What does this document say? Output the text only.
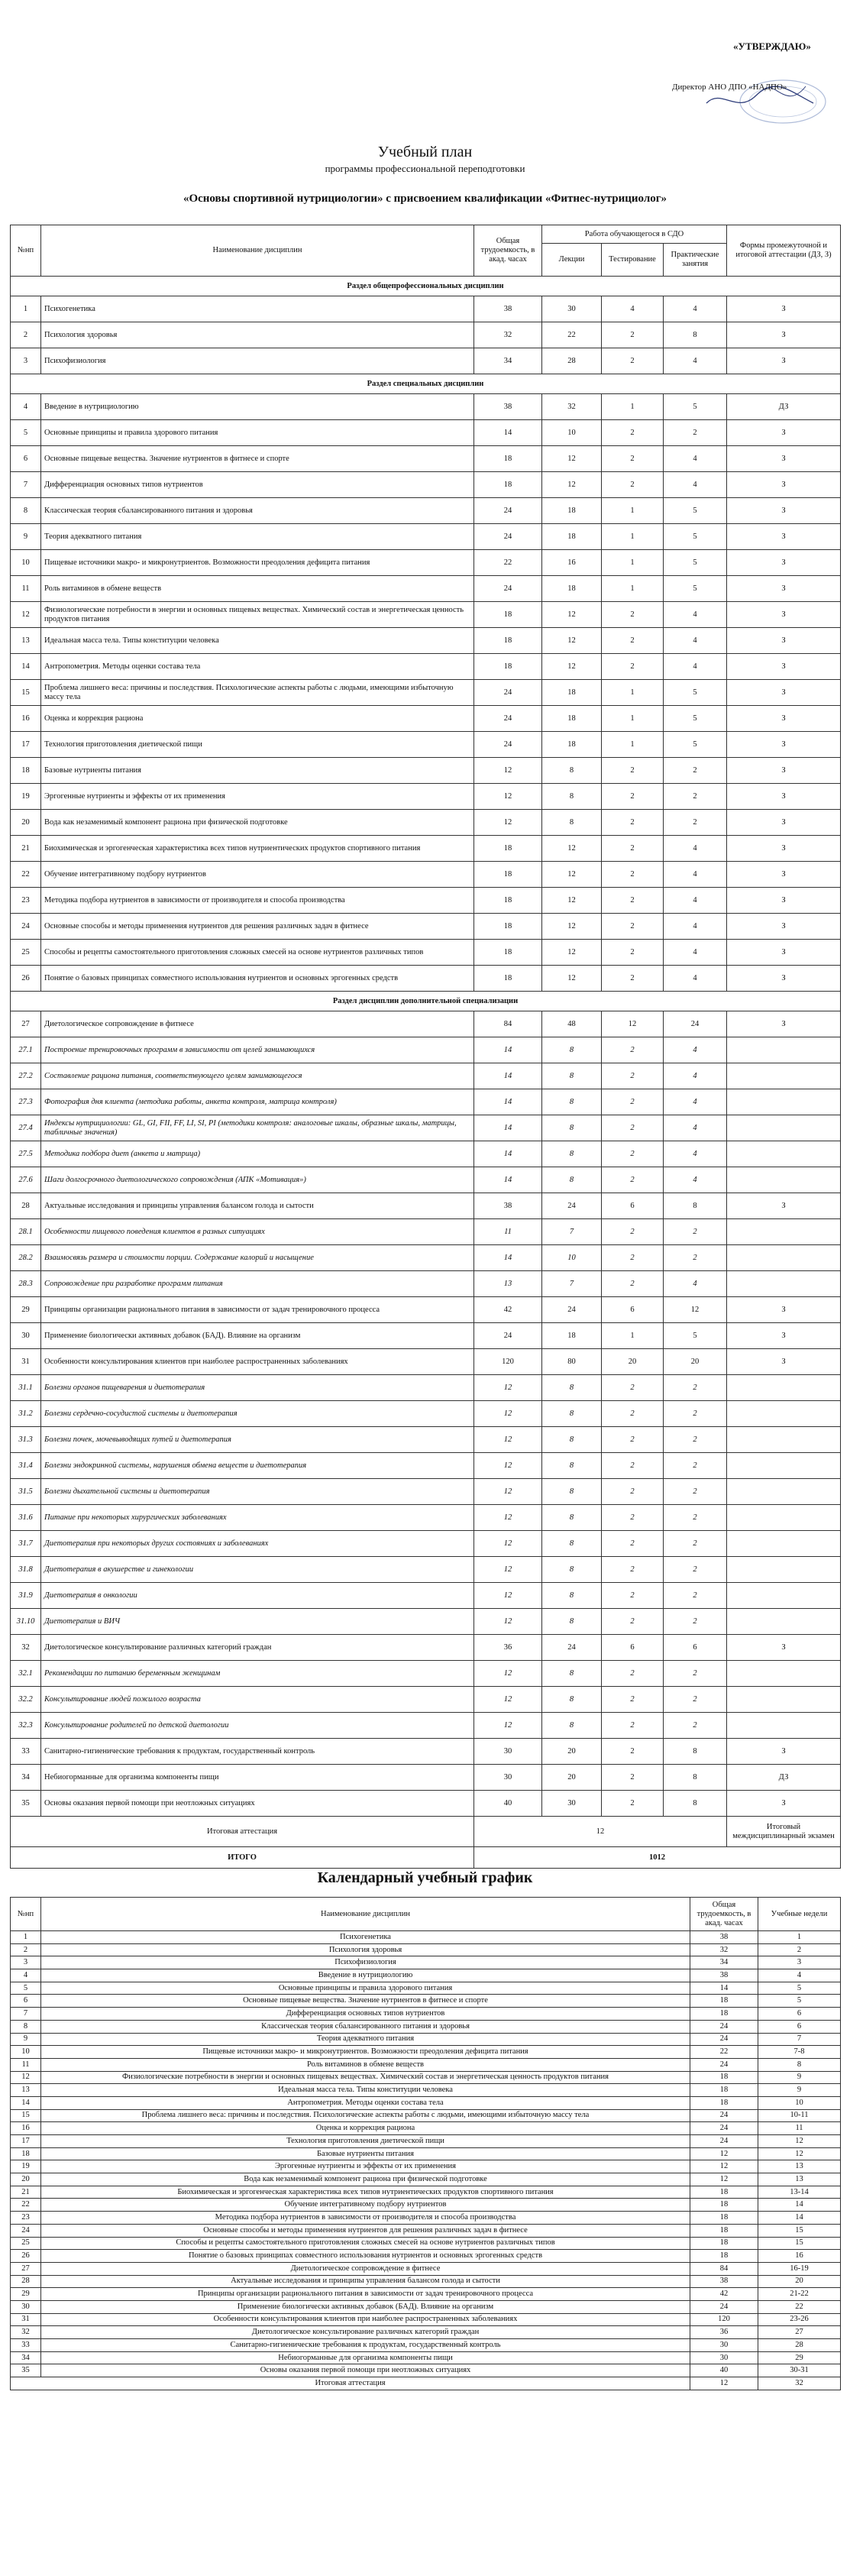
«УТВЕРЖДАЮ»
Директор АНО ДПО «НАДПО»
Учебный план
программы профессиональной переподготовки
«Основы спортивной нутрициологии» с присвоением квалификации «Фитнес-нутрициолог»
№нп	Наименование дисциплин	Общая трудоемкость, в акад. часах	Работа обучающегося в СДО			Формы промежуточной и итоговой аттестации (ДЗ, З)
			Лекции	Тестирование	Практические занятия	
Раздел общепрофессиональных дисциплин						
1	Психогенетика	38	30	4	4	З
2	Психология здоровья	32	22	2	8	З
3	Психофизиология	34	28	2	4	З
Раздел специальных дисциплин						
4	Введение в нутрициологию	38	32	1	5	ДЗ
5	Основные принципы и правила здорового питания	14	10	2	2	З
6	Основные пищевые вещества. Значение нутриентов в фитнесе и спорте	18	12	2	4	З
7	Дифференциация основных типов нутриентов	18	12	2	4	З
8	Классическая теория сбалансированного питания и здоровья	24	18	1	5	З
9	Теория адекватного питания	24	18	1	5	З
10	Пищевые источники макро- и микронутриентов. Возможности преодоления дефицита питания	22	16	1	5	З
11	Роль витаминов в обмене веществ	24	18	1	5	З
12	Физиологические потребности в энергии и основных пищевых веществах. Химический состав и энергетическая ценность продуктов питания	18	12	2	4	З
13	Идеальная масса тела. Типы конституции человека	18	12	2	4	З
14	Антропометрия. Методы оценки состава тела	18	12	2	4	З
15	Проблема лишнего веса: причины и последствия. Психологические аспекты работы с людьми, имеющими избыточную массу тела	24	18	1	5	З
16	Оценка и коррекция рациона	24	18	1	5	З
17	Технология приготовления диетической пищи	24	18	1	5	З
18	Базовые нутриенты питания	12	8	2	2	З
19	Эргогенные нутриенты и эффекты от их применения	12	8	2	2	З
20	Вода как незаменимый компонент рациона при физической подготовке	12	8	2	2	З
21	Биохимическая и эргогенческая характеристика всех типов нутриентических продуктов спортивного питания	18	12	2	4	З
22	Обучение интегративному подбору нутриентов	18	12	2	4	З
23	Методика подбора нутриентов в зависимости от производителя и способа производства	18	12	2	4	З
24	Основные способы и методы применения нутриентов для решения различных задач в фитнесе	18	12	2	4	З
25	Способы и рецепты самостоятельного приготовления сложных смесей на основе нутриентов различных типов	18	12	2	4	З
26	Понятие о базовых принципах совместного использования нутриентов и основных эргогенных средств	18	12	2	4	З
Раздел дисциплин дополнительной специализации						
27	Диетологическое сопровождение в фитнесе	84	48	12	24	З
27.1	Построение тренировочных программ в зависимости от целей занимающихся	14	8	2	4	
27.2	Составление рациона питания, соответствующего целям занимающегося	14	8	2	4	
27.3	Фотография дня клиента (методика работы, анкета контроля, матрица контроля)	14	8	2	4	
27.4	Индексы нутрициологии: GL, GI, FII, FF, LI, SI, PI (методики контроля: аналоговые шкалы, образные шкалы, матрицы, табличные значения)	14	8	2	4	
27.5	Методика подбора диет (анкета и матрица)	14	8	2	4	
27.6	Шаги долгосрочного диетологического сопровождения (АПК «Мотивация»)	14	8	2	4	
28	Актуальные исследования и принципы управления балансом голода и сытости	38	24	6	8	З
28.1	Особенности пищевого поведения клиентов в разных ситуациях	11	7	2	2	
28.2	Взаимосвязь размера и стоимости порции. Содержание калорий и насыщение	14	10	2	2	
28.3	Сопровождение при разработке программ питания	13	7	2	4	
29	Принципы организации рационального питания в зависимости от задач тренировочного процесса	42	24	6	12	З
30	Применение биологически активных добавок (БАД). Влияние на организм	24	18	1	5	З
31	Особенности консультирования клиентов при наиболее распространенных заболеваниях	120	80	20	20	З
31.1	Болезни органов пищеварения и диетотерапия	12	8	2	2	
31.2	Болезни сердечно-сосудистой системы и диетотерапия	12	8	2	2	
31.3	Болезни почек, мочевыводящих путей и диетотерапия	12	8	2	2	
31.4	Болезни эндокринной системы, нарушения обмена веществ и диетотерапия	12	8	2	2	
31.5	Болезни дыхательной системы и диетотерапия	12	8	2	2	
31.6	Питание при некоторых хирургических заболеваниях	12	8	2	2	
31.7	Диетотерапия при некоторых других состояниях и заболеваниях	12	8	2	2	
31.8	Диетотерапия в акушерстве и гинекологии	12	8	2	2	
31.9	Диетотерапия в онкологии	12	8	2	2	
31.10	Диетотерапия и ВИЧ	12	8	2	2	
32	Диетологическое консультирование различных категорий граждан	36	24	6	6	З
32.1	Рекомендации по питанию беременным женщинам	12	8	2	2	
32.2	Консультирование людей пожилого возраста	12	8	2	2	
32.3	Консультирование родителей по детской диетологии	12	8	2	2	
33	Санитарно-гигиенические требования к продуктам, государственный контроль	30	20	2	8	З
34	Небиогорманные для организма компоненты пищи	30	20	2	8	ДЗ
35	Основы оказания первой помощи при неотложных ситуациях	40	30	2	8	З
Итоговая аттестация		12				Итоговый междисциплинарный экзамен
ИТОГО		1012				
Календарный учебный график
№нп	Наименование дисциплин	Общая трудоемкость, в акад. часах	Учебные недели
1	Психогенетика	38	1
2	Психология здоровья	32	2
3	Психофизиология	34	3
4	Введение в нутрициологию	38	4
5	Основные принципы и правила здорового питания	14	5
6	Основные пищевые вещества. Значение нутриентов в фитнесе и спорте	18	5
7	Дифференциация основных типов нутриентов	18	6
8	Классическая теория сбалансированного питания и здоровья	24	6
9	Теория адекватного питания	24	7
10	Пищевые источники макро- и микронутриентов. Возможности преодоления дефицита питания	22	7-8
11	Роль витаминов в обмене веществ	24	8
12	Физиологические потребности в энергии и основных пищевых веществах. Химический состав и энергетическая ценность продуктов питания	18	9
13	Идеальная масса тела. Типы конституции человека	18	9
14	Антропометрия. Методы оценки состава тела	18	10
15	Проблема лишнего веса: причины и последствия. Психологические аспекты работы с людьми, имеющими избыточную массу тела	24	10-11
16	Оценка и коррекция рациона	24	11
17	Технология приготовления диетической пищи	24	12
18	Базовые нутриенты питания	12	12
19	Эргогенные нутриенты и эффекты от их применения	12	13
20	Вода как незаменимый компонент рациона при физической подготовке	12	13
21	Биохимическая и эргогенческая характеристика всех типов нутриентических продуктов спортивного питания	18	13-14
22	Обучение интегративному подбору нутриентов	18	14
23	Методика подбора нутриентов в зависимости от производителя и способа производства	18	14
24	Основные способы и методы применения нутриентов для решения различных задач в фитнесе	18	15
25	Способы и рецепты самостоятельного приготовления сложных смесей на основе нутриентов различных типов	18	15
26	Понятие о базовых принципах совместного использования нутриентов и основных эргогенных средств	18	16
27	Диетологическое сопровождение в фитнесе	84	16-19
28	Актуальные исследования и принципы управления балансом голода и сытости	38	20
29	Принципы организации рационального питания в зависимости от задач тренировочного процесса	42	21-22
30	Применение биологически активных добавок (БАД). Влияние на организм	24	22
31	Особенности консультирования клиентов при наиболее распространенных заболеваниях	120	23-26
32	Диетологическое консультирование различных категорий граждан	36	27
33	Санитарно-гигиенические требования к продуктам, государственный контроль	30	28
34	Небиогорманные для организма компоненты пищи	30	29
35	Основы оказания первой помощи при неотложных ситуациях	40	30-31
Итоговая аттестация		12	32
